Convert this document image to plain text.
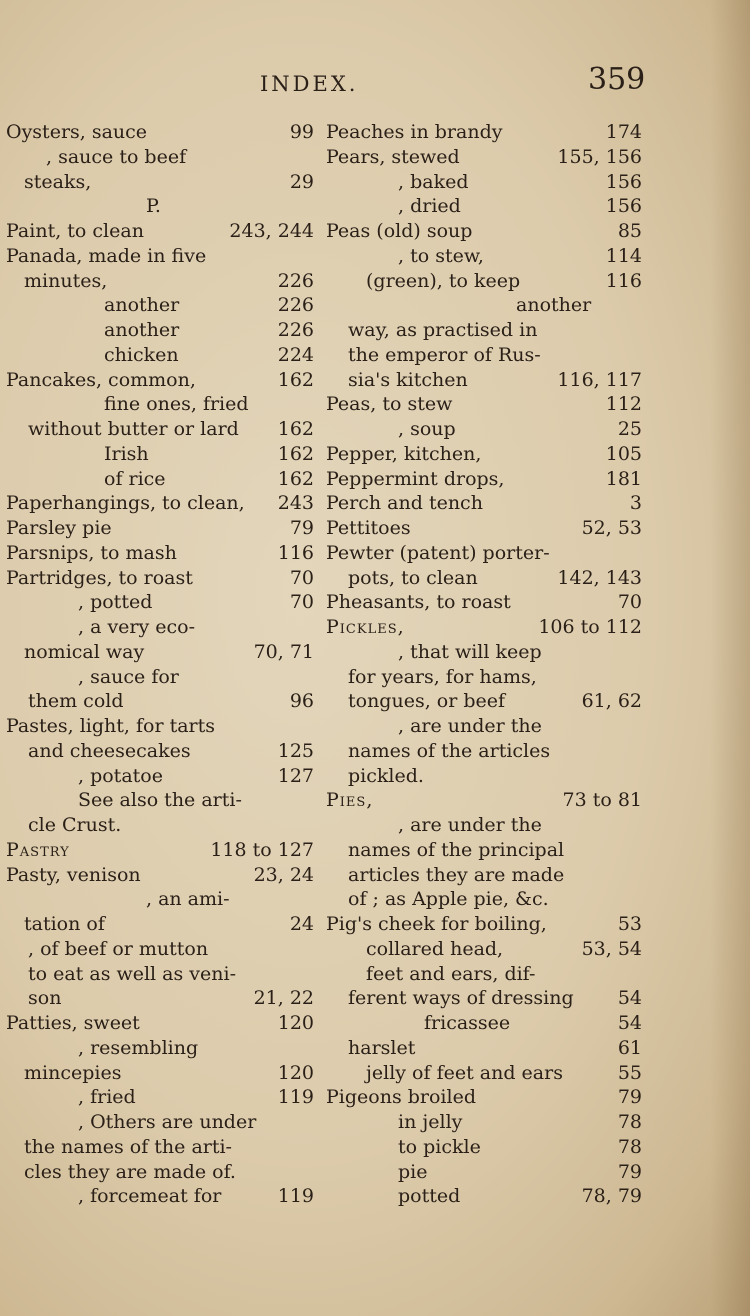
INDEX.	359
Oysters, sauce	99
, sauce to beef
steaks,	29
P.
Paint, to clean	243, 244
Panada, made in five
minutes,	226
another	226
another	226
chicken	224
Pancakes, common,	162
fine ones, fried
without butter or lard 162
Irish	162
of rice	162
Paperhangings, to clean, 243
Parsley pie	79
Parsnips, to mash	116
Partridges, to roast	70
, potted	70
, a very eco-
nomical way	70, 71
, sauce for
them cold	96
Pastes, light, for tarts
and cheesecakes	125
, potatoe	127
See also the arti-
cle Crust.
Pastry	118 to 127
Pasty, venison	23, 24
, an ami-
tation of	24
, of beef or mutton
to eat as well as veni-
son	21, 22
Patties, sweet	120
, resembling
mincepies	120
, fried	119
, Others are under
the names of the arti-
cles they are made of.
, forcemeat for	119
Peaches in brandy	174
Pears, stewed	155, 156
, baked	156
, dried	156
Peas (old) soup	85
, to stew,	114
(green), to keep	116
another
way, as practised in
the emperor of Rus-
sia's kitchen	116, 117
Peas, to stew	112
, soup	25
Pepper, kitchen,	105
Peppermint drops,	181
Perch and tench	3
Pettitoes	52, 53
Pewter (patent) porter-
pots, to clean	142, 143
Pheasants, to roast	70
Pickles,	106 to 112
, that will keep
for years, for hams,
tongues, or beef	61, 62
, are under the
names of the articles
pickled.
Pies,	73 to 81
, are under the
names of the principal
articles they are made
of ; as Apple pie, &c.
Pig's cheek for boiling,	53
collared head,	53, 54
feet and ears, dif-
ferent ways of dressing 54
fricassee	54
harslet	61
jelly of feet and ears	55
Pigeons broiled	79
in jelly	78
to pickle	78
pie	79
potted	78, 79
